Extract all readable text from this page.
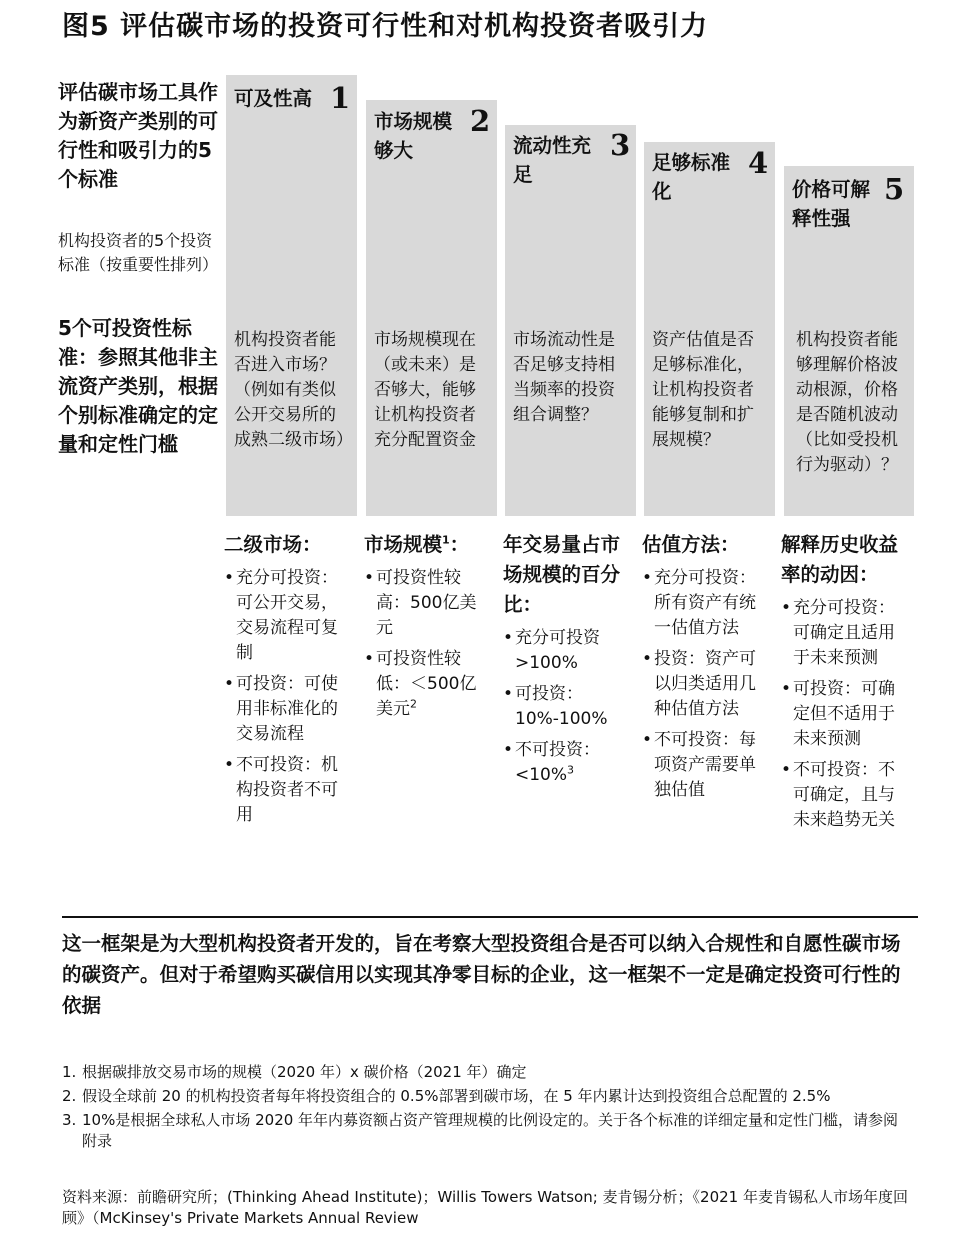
图5 评估碳市场的投资可行性和对机构投资者吸引力
评估碳市场工具作为新资产类别的可行性和吸引力的5个标准
机构投资者的5个投资 标准（按重要性排列）
5个可投资性标准：参照其他非主流资产类别，根据个别标准确定的定量和定性门槛
可及性高 1
机构投资者能否进入市场？（例如有类似公开交易所的成熟二级市场）
市场规模够大
2
市场规模现在（或未来）是否够大，能够让机构投资者充分配置资金
流动性充足
3
市场流动性是否足够支持相当频率的投资组合调整？
足够标准化
4
资产估值是否足够标准化，让机构投资者能够复制和扩展规模？
价格可解释性强
5
机构投资者能够理解价格波动根源，价格是否随机波动（比如受投机行为驱动）？
二级市场：	市场规模$^1$：	年交易量占市场规模的百分比：
估值方法：	解释历史收益率的动因：
• 充分可投资：可公开交易，交易流程可复制
• 可投资：可使用非标准化的交易流程
• 不可投资：机构投资者不可用
• 可投资性较高：500亿美元
• 可投资性较低：＜500亿美元$^2$
• 充分可投资>100%
• 可投资：10%-100%
• 不可投资：<10%$^3$
• 充分可投资：所有资产有统一估值方法
• 投资：资产可以归类适用几种估值方法
• 不可投资：每项资产需要单独估值
• 充分可投资：可确定且适用于未来预测
• 可投资：可确定但不适用于未来预测
• 不可投资：不可确定，且与未来趋势无关
这一框架是为大型机构投资者开发的，旨在考察大型投资组合是否可以纳入合规性和自愿性碳市场的碳资产。但对于希望购买碳信用以实现其净零目标的企业，这一框架不一定是确定投资可行性的依据
1. 根据碳排放交易市场的规模（2020 年）x 碳价格（2021 年）确定
2. 假设全球前 20 的机构投资者每年将投资组合的 0.5%部署到碳市场，在 5 年内累计达到投资组合总配置的 2.5%
3. 10%是根据全球私人市场 2020 年年内募资额占资产管理规模的比例设定的。关于各个标准的详细定量和定性门槛，请参阅附录
资料来源：前瞻研究所；(Thinking Ahead Institute)；Willis Towers Watson; 麦肯锡分析；《2021 年麦肯锡私人市场年度回顾》（McKinsey's Private Markets Annual Review
